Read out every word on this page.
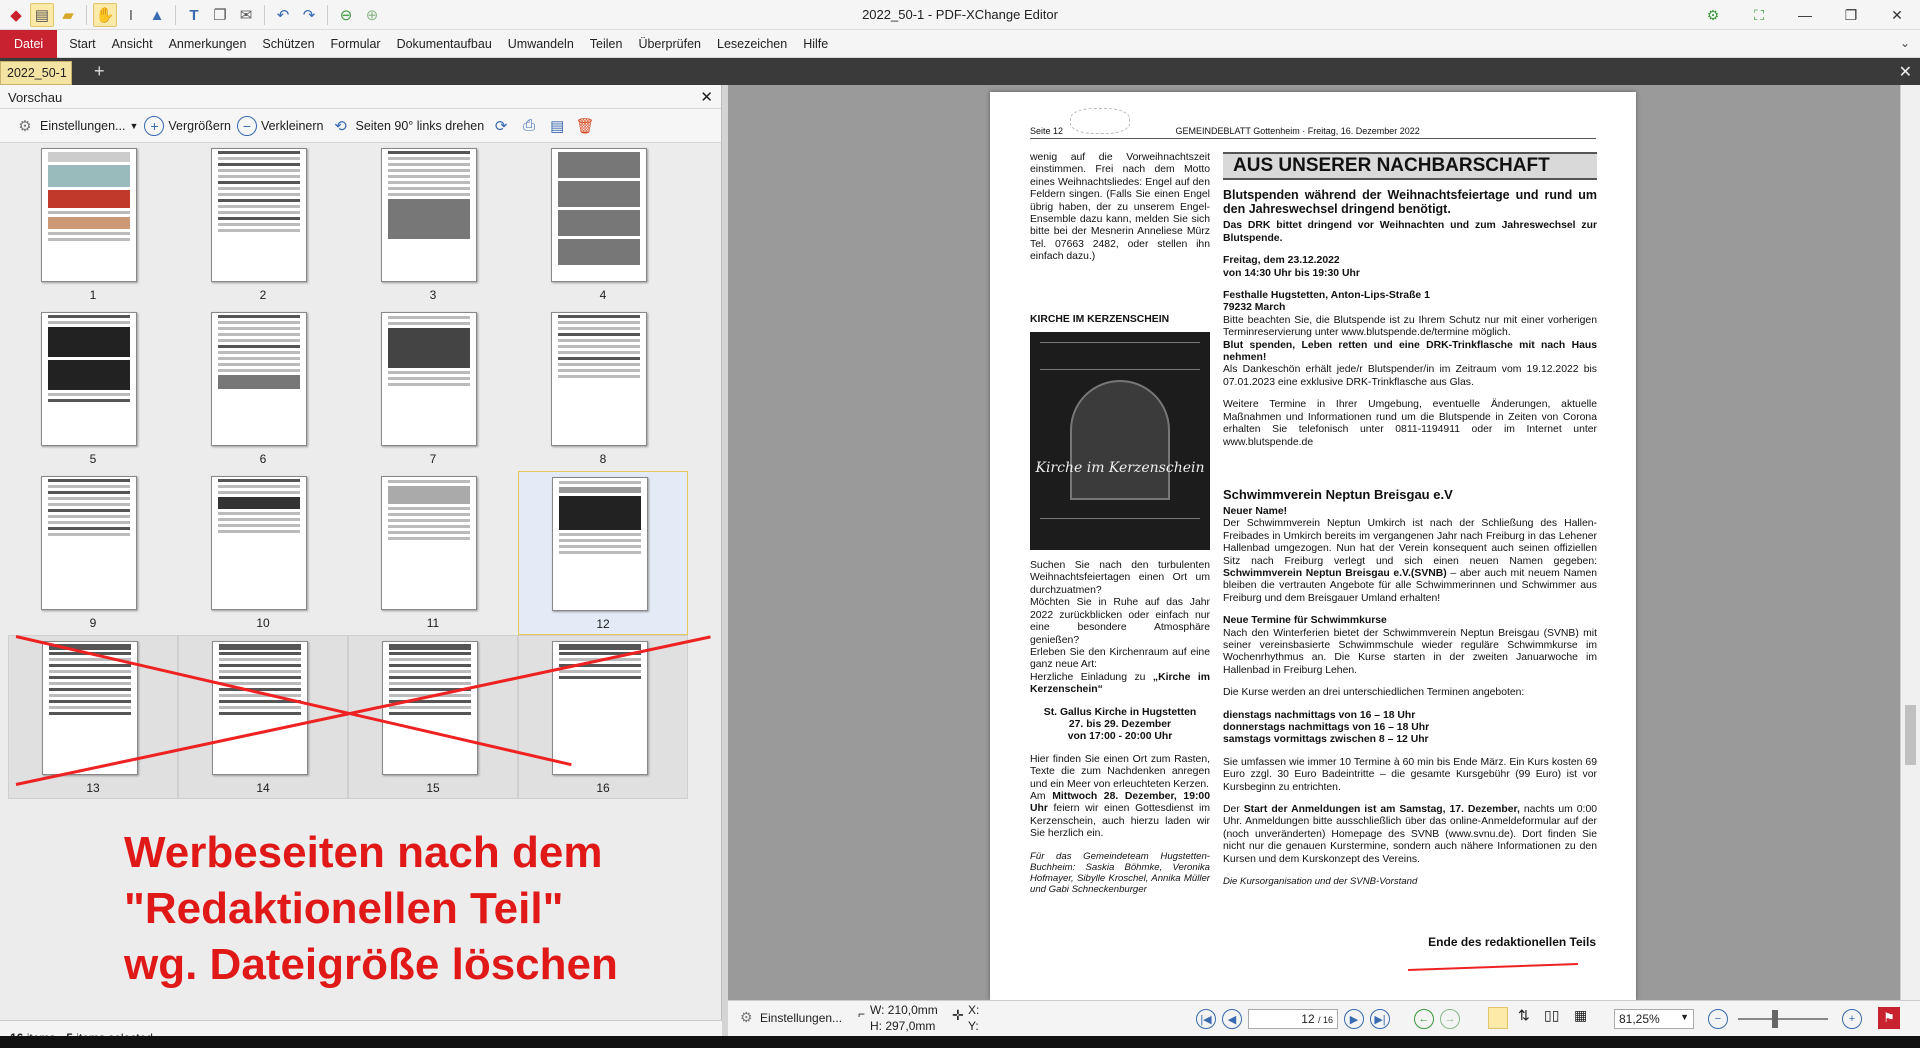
◆ ▤ ▰	✋ I	▲	T ❐ ✉	↶ ↷	⊖ ⊕	2022_50-1 - PDF-XChange Editor	⚙	⛶	—	❐	✕
Datei	Start	Ansicht	Anmerkungen	Schützen	Formular	Dokumentaufbau	Umwandeln	Teilen	Überprüfen	Lesezeichen	Hilfe	⌄
2022_50-1 +	✕
Vorschau	✕
⚙ Einstellungen... ▼ + Vergrößern − Verkleinern ⟲ Seiten 90° links drehen ⟳	⎙ ▤ 🗑
1	2	3	4
5	6	7	8
9	10	11	12
13	14	15	16
Werbeseiten nach dem
"Redaktionellen Teil"
wg. Dateigröße löschen
Seite 12	GEMEINDEBLATT Gottenheim · Freitag, 16. Dezember 2022
wenig auf die Vorweihnachtszeit einstimmen. Frei nach dem Motto eines Weihnachtsliedes: Engel auf den Feldern singen. (Falls Sie einen Engel übrig haben, der zu unserem Engel-Ensemble dazu kann, melden Sie sich bitte bei der Mesnerin Anneliese Mürz Tel. 07663 2482, oder stellen ihn einfach dazu.)
KIRCHE IM KERZENSCHEIN
Kirche im Kerzenschein
Suchen Sie nach den turbulenten Weihnachtsfeiertagen einen Ort um durchzuatmen?
Möchten Sie in Ruhe auf das Jahr 2022 zurückblicken oder einfach nur eine besondere Atmosphäre genießen?
Erleben Sie den Kirchenraum auf eine ganz neue Art:
Herzliche Einladung zu „Kirche im Kerzenschein“
St. Gallus Kirche in Hugstetten
27. bis 29. Dezember
von 17:00 - 20:00 Uhr
Hier finden Sie einen Ort zum Rasten, Texte die zum Nachdenken anregen und ein Meer von erleuchteten Kerzen.
Am Mittwoch 28. Dezember, 19:00 Uhr feiern wir einen Gottesdienst im Kerzenschein, auch hierzu laden wir Sie herzlich ein.
Für das Gemeindeteam Hugstetten-Buchheim: Saskia Böhmke, Veronika Hofmayer, Sibylle Kroschel, Annika Müller und Gabi Schneckenburger
AUS UNSERER NACHBARSCHAFT
Blutspenden während der Weihnachtsfeiertage und rund um den Jahreswechsel dringend benötigt.
Das DRK bittet dringend vor Weihnachten und zum Jahreswechsel zur Blutspende.
Freitag, dem 23.12.2022
von 14:30 Uhr bis 19:30 Uhr
Festhalle Hugstetten, Anton-Lips-Straße 1
79232 March
Bitte beachten Sie, die Blutspende ist zu Ihrem Schutz nur mit einer vorherigen Terminreservierung unter www.blutspende.de/termine möglich.
Blut spenden, Leben retten und eine DRK-Trinkflasche mit nach Haus nehmen!
Als Dankeschön erhält jede/r Blutspender/in im Zeitraum vom 19.12.2022 bis 07.01.2023 eine exklusive DRK-Trinkflasche aus Glas.
Weitere Termine in Ihrer Umgebung, eventuelle Änderungen, aktuelle Maßnahmen und Informationen rund um die Blutspende in Zeiten von Corona erhalten Sie telefonisch unter 0811-1194911 oder im Internet unter www.blutspende.de
Schwimmverein Neptun Breisgau e.V
Neuer Name!
Der Schwimmverein Neptun Umkirch ist nach der Schließung des Hallen-Freibades in Umkirch bereits im vergangenen Jahr nach Freiburg in das Lehener Hallenbad umgezogen. Nun hat der Verein konsequent auch seinen offiziellen Sitz nach Freiburg verlegt und sich einen neuen Namen gegeben: Schwimmverein Neptun Breisgau e.V.(SVNB) – aber auch mit neuem Namen bleiben die vertrauten Angebote für alle Schwimmerinnen und Schwimmer aus Freiburg und dem Breisgauer Umland erhalten!
Neue Termine für Schwimmkurse
Nach den Winterferien bietet der Schwimmverein Neptun Breisgau (SVNB) mit seiner vereinsbasierte Schwimmschule wieder reguläre Schwimmkurse im Wochenrhythmus an. Die Kurse starten in der zweiten Januarwoche im Hallenbad in Freiburg Lehen.
Die Kurse werden an drei unterschiedlichen Terminen angeboten:
dienstags nachmittags von 16 – 18 Uhr
donnerstags nachmittags von 16 – 18 Uhr
samstags vormittags zwischen 8 – 12 Uhr
Sie umfassen wie immer 10 Termine à 60 min bis Ende März. Ein Kurs kosten 69 Euro zzgl. 30 Euro Badeintritte – die gesamte Kursgebühr (99 Euro) ist vor Kursbeginn zu entrichten.
Der Start der Anmeldungen ist am Samstag, 17. Dezember, nachts um 0:00 Uhr. Anmeldungen bitte ausschließlich über das online-Anmeldeformular auf der (noch unveränderten) Homepage des SVNB (www.svnu.de). Dort finden Sie nicht nur die genauen Kurstermine, sondern auch nähere Informationen zu den Kursen und dem Kurskonzept des Vereins.
Die Kursorganisation und der SVNB-Vorstand
Ende des redaktionellen Teils
⚙ Einstellungen... ⌐ W: 210,0mm
H: 297,0mm
✛ X:
Y:	|◀	◀	12 / 16	▶	▶|	←	→	⇅ ▯▯ ▦	81,25% ▼	−	+	⚑
